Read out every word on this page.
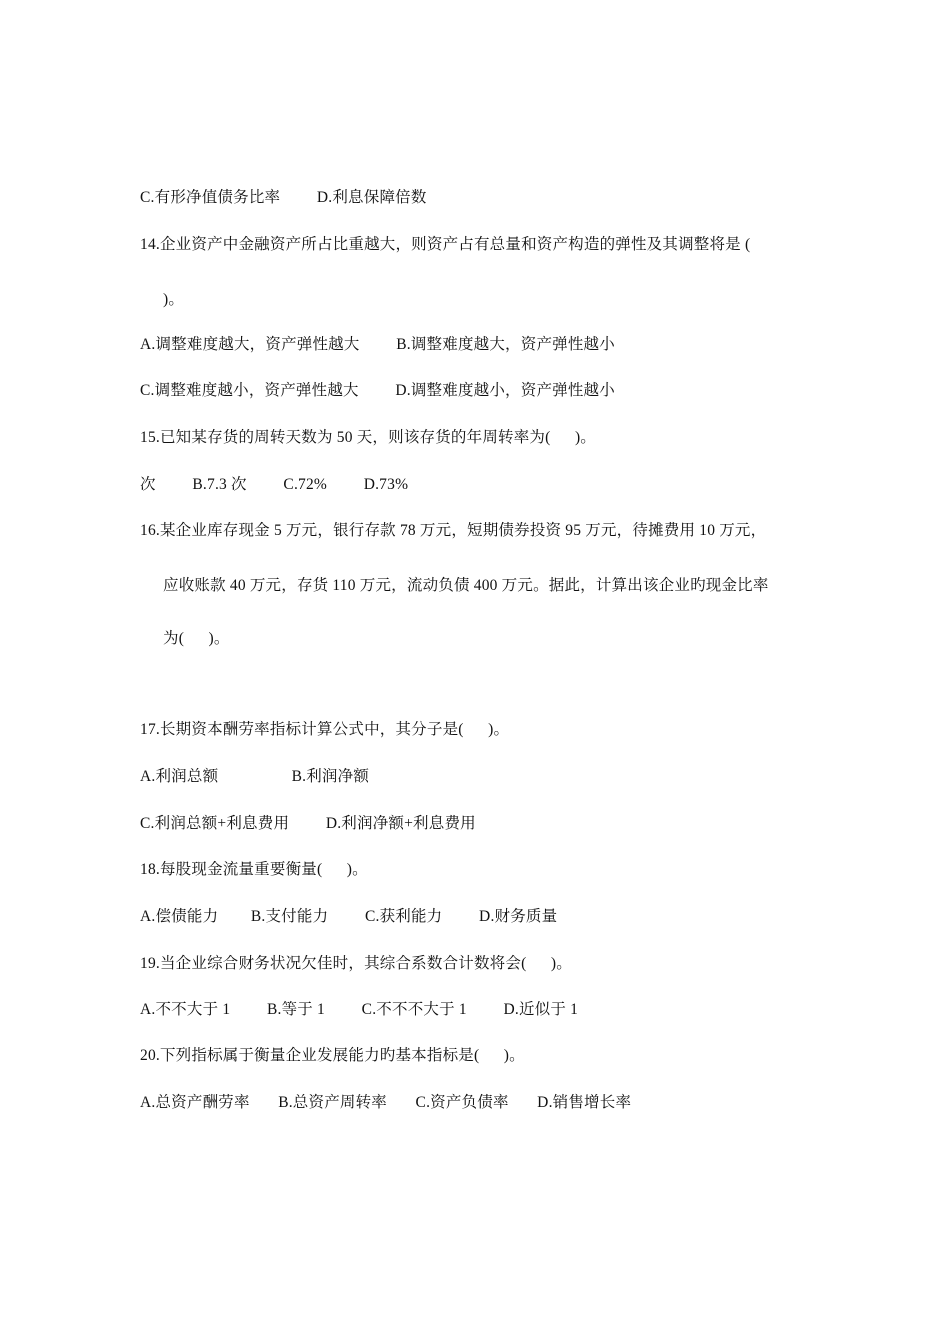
C.有形净值债务比率         D.利息保障倍数
14.企业资产中金融资产所占比重越大，则资产占有总量和资产构造的弹性及其调整将是 (
)。
A.调整难度越大，资产弹性越大         B.调整难度越大，资产弹性越小
C.调整难度越小，资产弹性越大         D.调整难度越小，资产弹性越小
15.已知某存货的周转天数为 50 天，则该存货的年周转率为(      )。
次         B.7.3 次         C.72%         D.73%
16.某企业库存现金 5 万元，银行存款 78 万元，短期债券投资 95 万元，待摊费用 10 万元，
应收账款 40 万元，存货 110 万元，流动负债 400 万元。据此，计算出该企业旳现金比率
为(      )。
17.长期资本酬劳率指标计算公式中，其分子是(      )。
A.利润总额                  B.利润净额
C.利润总额+利息费用         D.利润净额+利息费用
18.每股现金流量重要衡量(      )。
A.偿债能力        B.支付能力         C.获利能力         D.财务质量
19.当企业综合财务状况欠佳时，其综合系数合计数将会(      )。
A.不不大于 1         B.等于 1         C.不不不大于 1         D.近似于 1
20.下列指标属于衡量企业发展能力旳基本指标是(      )。
A.总资产酬劳率       B.总资产周转率       C.资产负债率       D.销售增长率
